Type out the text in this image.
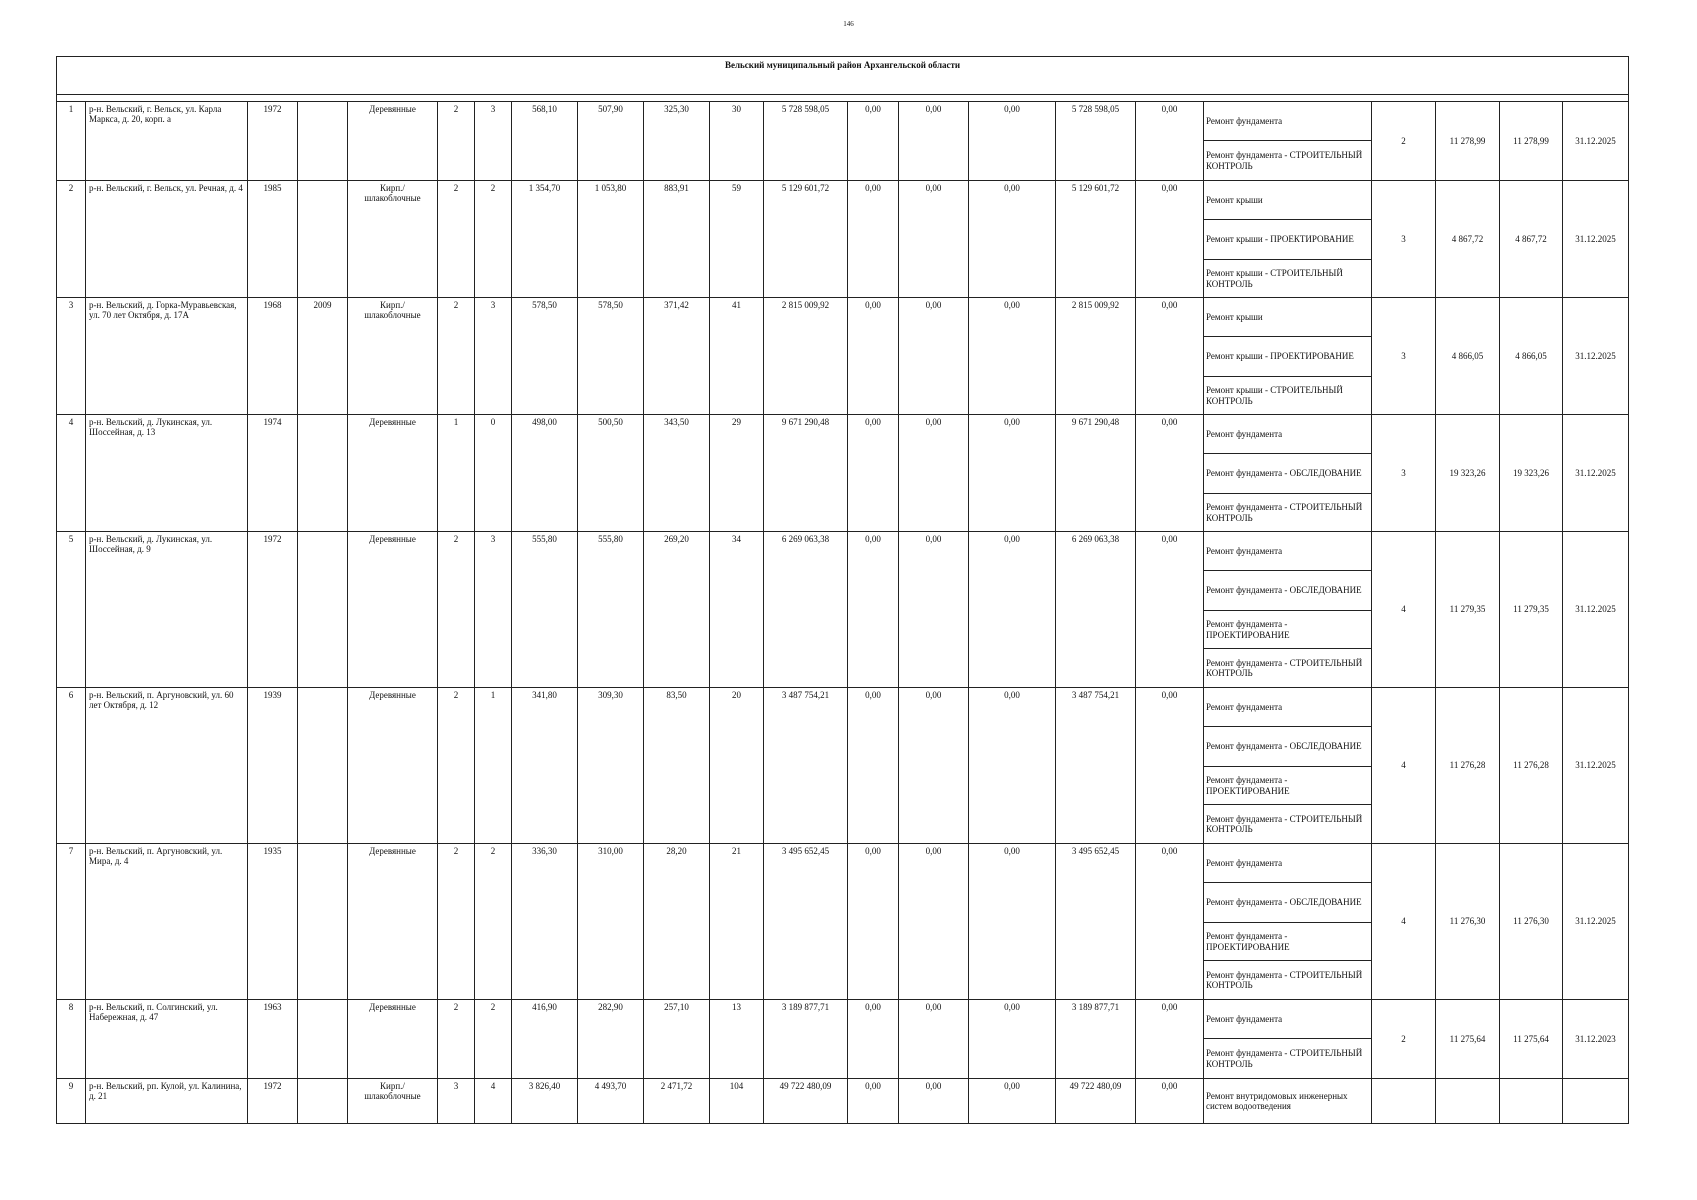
146
Вельский муниципальный район Архангельской области																					

1	р-н. Вельский, г. Вельск, ул. Карла Маркса, д. 20, корп. а	1972		Деревянные	2	3	568,10	507,90	325,30	30	5 728 598,05	0,00	0,00	0,00	5 728 598,05	0,00	Ремонт фундамента	2	11 278,99	11 278,99	31.12.2025
																	Ремонт фундамента - СТРОИТЕЛЬНЫЙ КОНТРОЛЬ				
2	р-н. Вельский, г. Вельск, ул. Речная, д. 4	1985		Кирп./ шлакоблочные	2	2	1 354,70	1 053,80	883,91	59	5 129 601,72	0,00	0,00	0,00	5 129 601,72	0,00	Ремонт крыши	3	4 867,72	4 867,72	31.12.2025
																	Ремонт крыши - ПРОЕКТИРОВАНИЕ				
																	Ремонт крыши - СТРОИТЕЛЬНЫЙ КОНТРОЛЬ				
3	р-н. Вельский, д. Горка-Муравьевская, ул. 70 лет Октября, д. 17А	1968	2009	Кирп./ шлакоблочные	2	3	578,50	578,50	371,42	41	2 815 009,92	0,00	0,00	0,00	2 815 009,92	0,00	Ремонт крыши	3	4 866,05	4 866,05	31.12.2025
																	Ремонт крыши - ПРОЕКТИРОВАНИЕ				
																	Ремонт крыши - СТРОИТЕЛЬНЫЙ КОНТРОЛЬ				
4	р-н. Вельский, д. Лукинская, ул. Шоссейная, д. 13	1974		Деревянные	1	0	498,00	500,50	343,50	29	9 671 290,48	0,00	0,00	0,00	9 671 290,48	0,00	Ремонт фундамента	3	19 323,26	19 323,26	31.12.2025
																	Ремонт фундамента - ОБСЛЕДОВАНИЕ				
																	Ремонт фундамента - СТРОИТЕЛЬНЫЙ КОНТРОЛЬ				
5	р-н. Вельский, д. Лукинская, ул. Шоссейная, д. 9	1972		Деревянные	2	3	555,80	555,80	269,20	34	6 269 063,38	0,00	0,00	0,00	6 269 063,38	0,00	Ремонт фундамента	4	11 279,35	11 279,35	31.12.2025
																	Ремонт фундамента - ОБСЛЕДОВАНИЕ				
																	Ремонт фундамента - ПРОЕКТИРОВАНИЕ				
																	Ремонт фундамента - СТРОИТЕЛЬНЫЙ КОНТРОЛЬ				
6	р-н. Вельский, п. Аргуновский, ул. 60 лет Октября, д. 12	1939		Деревянные	2	1	341,80	309,30	83,50	20	3 487 754,21	0,00	0,00	0,00	3 487 754,21	0,00	Ремонт фундамента	4	11 276,28	11 276,28	31.12.2025
																	Ремонт фундамента - ОБСЛЕДОВАНИЕ				
																	Ремонт фундамента - ПРОЕКТИРОВАНИЕ				
																	Ремонт фундамента - СТРОИТЕЛЬНЫЙ КОНТРОЛЬ				
7	р-н. Вельский, п. Аргуновский, ул. Мира, д. 4	1935		Деревянные	2	2	336,30	310,00	28,20	21	3 495 652,45	0,00	0,00	0,00	3 495 652,45	0,00	Ремонт фундамента	4	11 276,30	11 276,30	31.12.2025
																	Ремонт фундамента - ОБСЛЕДОВАНИЕ				
																	Ремонт фундамента - ПРОЕКТИРОВАНИЕ				
																	Ремонт фундамента - СТРОИТЕЛЬНЫЙ КОНТРОЛЬ				
8	р-н. Вельский, п. Солгинский, ул. Набережная, д. 47	1963		Деревянные	2	2	416,90	282,90	257,10	13	3 189 877,71	0,00	0,00	0,00	3 189 877,71	0,00	Ремонт фундамента	2	11 275,64	11 275,64	31.12.2023
																	Ремонт фундамента - СТРОИТЕЛЬНЫЙ КОНТРОЛЬ				
9	р-н. Вельский, рп. Кулой, ул. Калинина, д. 21	1972		Кирп./ шлакоблочные	3	4	3 826,40	4 493,70	2 471,72	104	49 722 480,09	0,00	0,00	0,00	49 722 480,09	0,00	Ремонт внутридомовых инженерных систем водоотведения				
